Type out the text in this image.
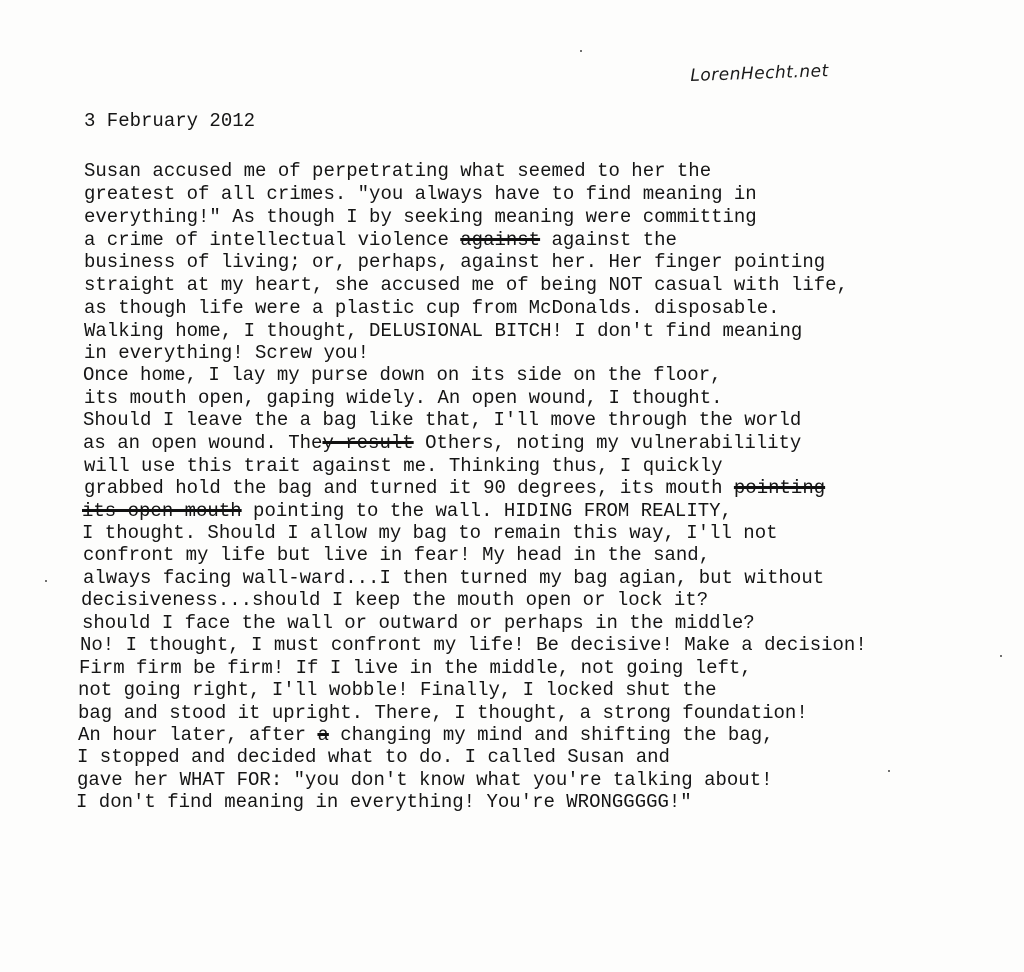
LorenHecht.net
3 February 2012
Susan accused me of perpetrating what seemed to her the
greatest of all crimes. "you always have to find meaning in
everything!" As though I by seeking meaning were committing
a crime of intellectual violence against against the
business of living; or, perhaps, against her. Her finger pointing
straight at my heart, she accused me of being NOT casual with life,
as though life were a plastic cup from McDonalds. disposable.
Walking home, I thought, DELUSIONAL BITCH! I don't find meaning
in everything! Screw you!
Once home, I lay my purse down on its side on the floor,
its mouth open, gaping widely. An open wound, I thought.
Should I leave the a bag like that, I'll move through the world
as an open wound. They result Others, noting my vulnerabilility
will use this trait against me. Thinking thus, I quickly
grabbed hold the bag and turned it 90 degrees, its mouth pointing
its open mouth pointing to the wall. HIDING FROM REALITY,
I thought. Should I allow my bag to remain this way, I'll not
confront my life but live in fear! My head in the sand,
always facing wall-ward...I then turned my bag agian, but without
decisiveness...should I keep the mouth open or lock it?
should I face the wall or outward or perhaps in the middle?
No! I thought, I must confront my life! Be decisive! Make a decision!
Firm firm be firm! If I live in the middle, not going left,
not going right, I'll wobble! Finally, I locked shut the
bag and stood it upright. There, I thought, a strong foundation!
An hour later, after a changing my mind and shifting the bag,
I stopped and decided what to do. I called Susan and
gave her WHAT FOR: "you don't know what you're talking about!
I don't find meaning in everything! You're WRONGGGGG!"
